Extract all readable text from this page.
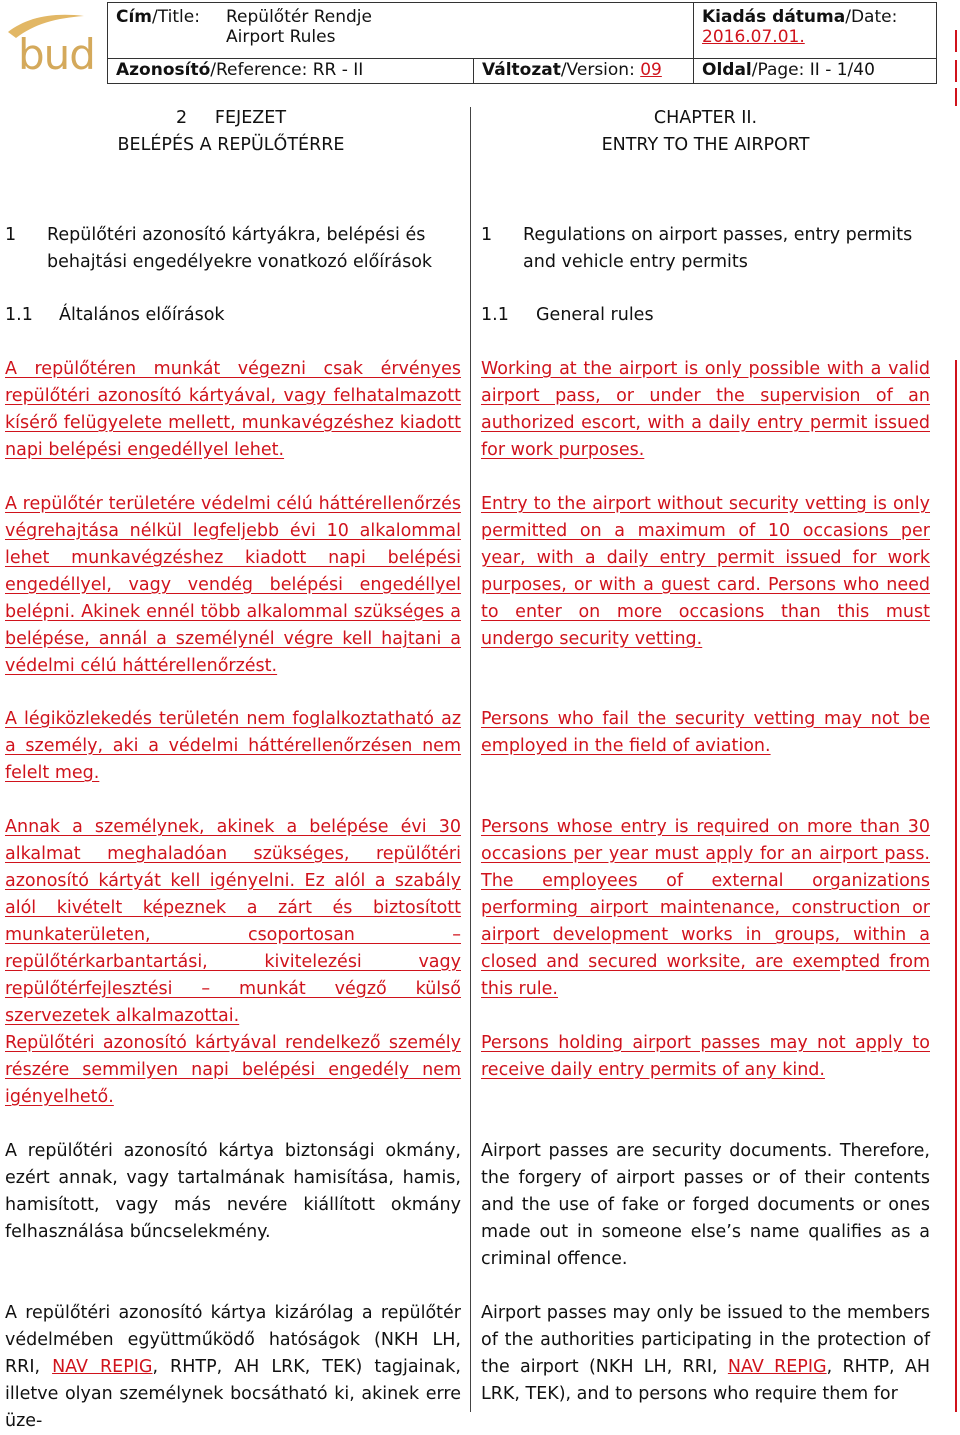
bud
Cím/Title: Repülőtér Rendje
Airport Rules
Kiadás dátuma/Date:
2016.07.01.
Azonosító/Reference: RR - II	Változat/Version: 09	Oldal/Page: II - 1/40
2     FEJEZET
BELÉPÉS A REPÜLŐTÉRRE
CHAPTER II.
ENTRY TO THE AIRPORT
1	Repülőtéri azonosító kártyákra, belépési és behajtási engedélyekre vonatkozó előírások
1	Regulations on airport passes, entry permits and vehicle entry permits
1.1 Általános előírások	1.1 General rules
A repülőtéren munkát végezni csak érvényes repülőtéri azonosító kártyával, vagy felhatalmazott kísérő felügyelete mellett, munkavégzéshez kiadott napi belépési engedéllyel lehet.
Working at the airport is only possible with a valid airport pass, or under the supervision of an authorized escort, with a daily entry permit issued for work purposes.
A repülőtér területére védelmi célú háttérellenőrzés végrehajtása nélkül legfeljebb évi 10 alkalommal lehet munkavégzéshez kiadott napi belépési engedéllyel, vagy vendég belépési engedéllyel belépni. Akinek ennél több alkalommal szükséges a belépése, annál a személynél végre kell hajtani a védelmi célú háttérellenőrzést.
Entry to the airport without security vetting is only permitted on a maximum of 10 occasions per year, with a daily entry permit issued for work purposes, or with a guest card. Persons who need to enter on more occasions than this must undergo security vetting.
A légiközlekedés területén nem foglalkoztatható az a személy, aki a védelmi háttérellenőrzésen nem felelt meg.
Persons who fail the security vetting may not be employed in the field of aviation.
Annak a személynek, akinek a belépése évi 30 alkalmat meghaladóan szükséges, repülőtéri azonosító kártyát kell igényelni. Ez alól a szabály alól kivételt képeznek a zárt és biztosított munkaterületen, csoportosan – repülőtérkarbantartási, kivitelezési vagy repülőtérfejlesztési – munkát végző külső szervezetek alkalmazottai.
Persons whose entry is required on more than 30 occasions per year must apply for an airport pass. The employees of external organizations performing airport maintenance, construction or airport development works in groups, within a closed and secured worksite, are exempted from this rule.
Repülőtéri azonosító kártyával rendelkező személy részére semmilyen napi belépési engedély nem igényelhető.
Persons holding airport passes may not apply to receive daily entry permits of any kind.
A repülőtéri azonosító kártya biztonsági okmány, ezért annak, vagy tartalmának hamisítása, hamis, hamisított, vagy más nevére kiállított okmány felhasználása bűncselekmény.
Airport passes are security documents. Therefore, the forgery of airport passes or of their contents and the use of fake or forged documents or ones made out in someone else’s name qualifies as a criminal offence.
A repülőtéri azonosító kártya kizárólag a repülőtér védelmében együttműködő hatóságok (NKH LH, RRI, NAV REPIG, RHTP, AH LRK, TEK) tagjainak, illetve olyan személynek bocsátható ki, akinek erre üze-
Airport passes may only be issued to the members of the authorities participating in the protection of the airport (NKH LH, RRI, NAV REPIG, RHTP, AH LRK, TEK), and to persons who require them for
